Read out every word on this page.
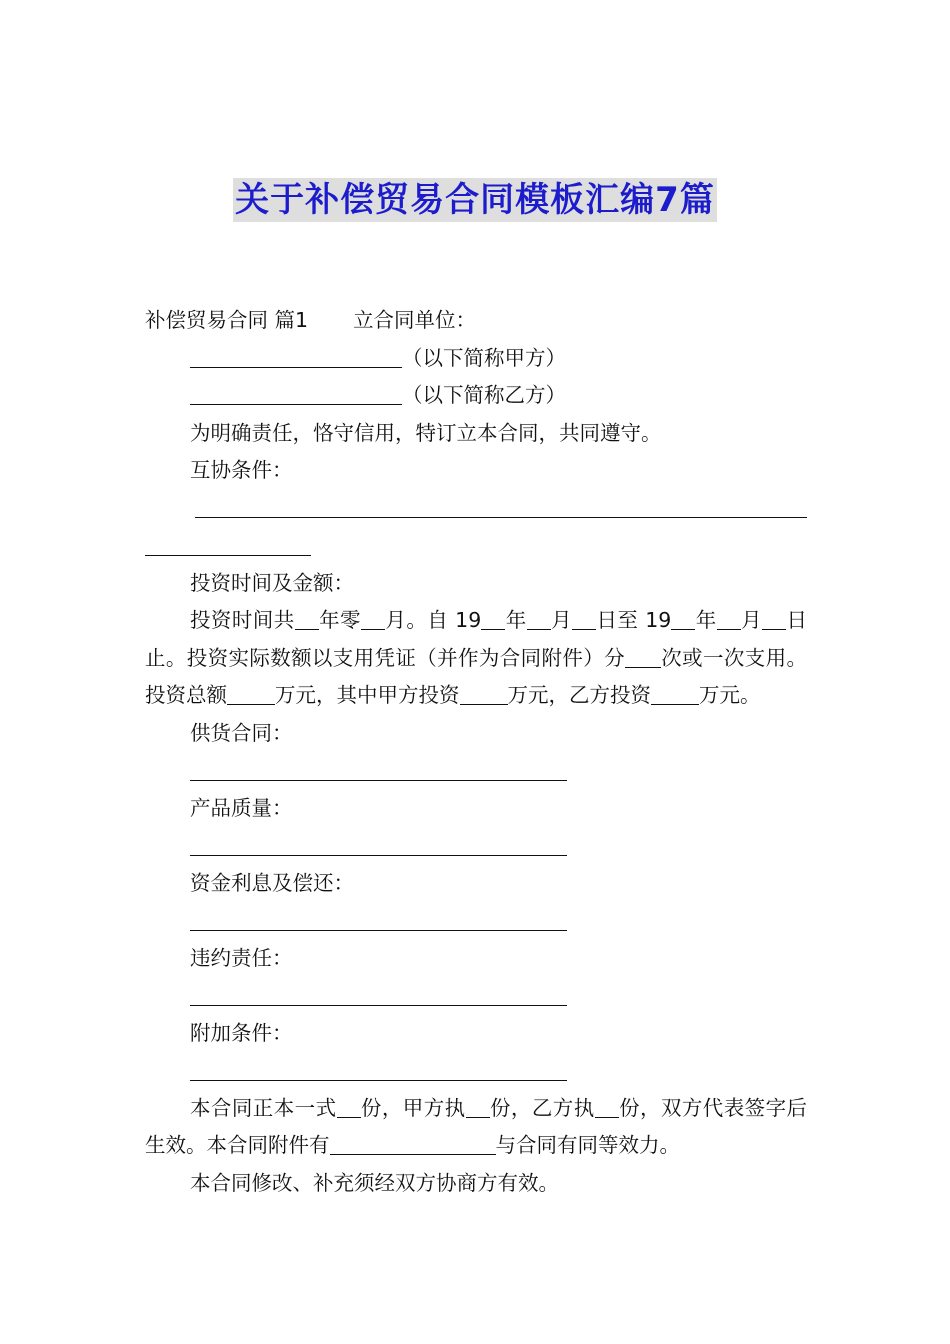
关于补偿贸易合同模板汇编7篇

补偿贸易合同 篇1 立合同单位：

（以下简称甲方）

（以下简称乙方）

为明确责任，恪守信用，特订立本合同，共同遵守。

互协条件：

投资时间及金额：

投资时间共 年零 月。自 19 年 月 日至 19 年 月 日止。投资实际数额以支用凭证（并作为合同附件）分 次或一次支用。投资总额 万元，其中甲方投资 万元，乙方投资 万元。

供货合同：

产品质量：

资金利息及偿还：

违约责任：

附加条件：

本合同正本一式 份，甲方执 份，乙方执 份，双方代表签字后生效。本合同附件有	与合同有同等效力。

本合同修改、补充须经双方协商方有效。
